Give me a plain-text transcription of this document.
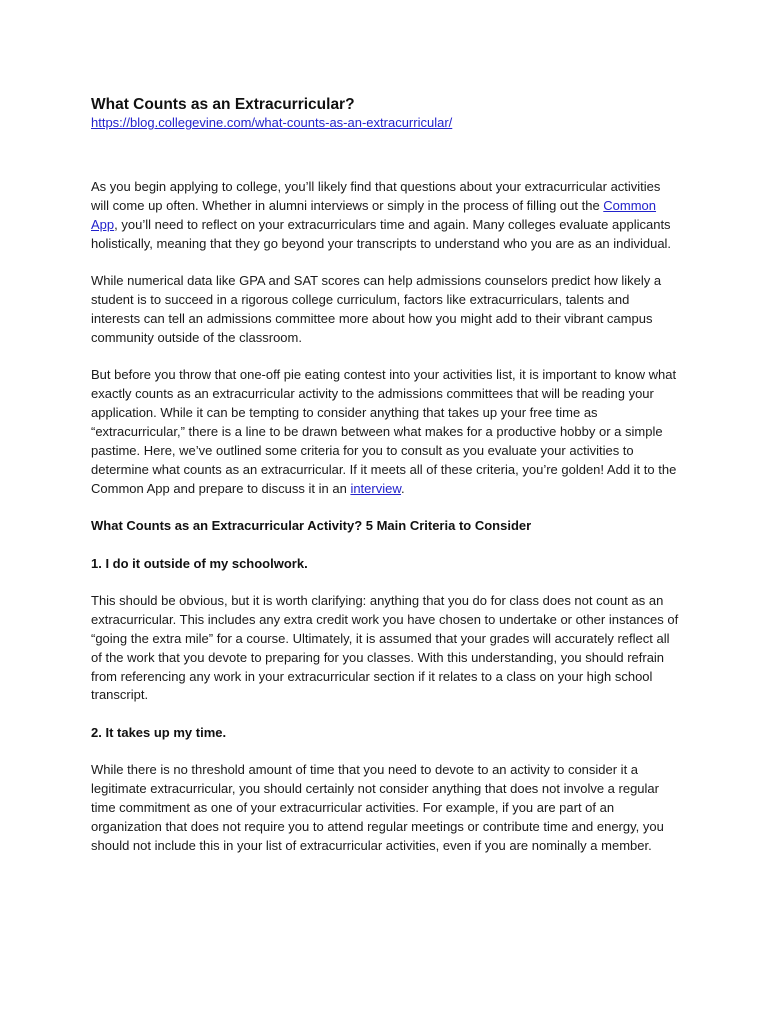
What Counts as an Extracurricular?
https://blog.collegevine.com/what-counts-as-an-extracurricular/

As you begin applying to college, you’ll likely find that questions about your extracurricular activities will come up often. Whether in alumni interviews or simply in the process of filling out the Common App, you’ll need to reflect on your extracurriculars time and again. Many colleges evaluate applicants holistically, meaning that they go beyond your transcripts to understand who you are as an individual.

While numerical data like GPA and SAT scores can help admissions counselors predict how likely a student is to succeed in a rigorous college curriculum, factors like extracurriculars, talents and interests can tell an admissions committee more about how you might add to their vibrant campus community outside of the classroom.

But before you throw that one-off pie eating contest into your activities list, it is important to know what exactly counts as an extracurricular activity to the admissions committees that will be reading your application. While it can be tempting to consider anything that takes up your free time as “extracurricular,” there is a line to be drawn between what makes for a productive hobby or a simple pastime. Here, we’ve outlined some criteria for you to consult as you evaluate your activities to determine what counts as an extracurricular. If it meets all of these criteria, you’re golden! Add it to the Common App and prepare to discuss it in an interview.

What Counts as an Extracurricular Activity? 5 Main Criteria to Consider

1. I do it outside of my schoolwork.

This should be obvious, but it is worth clarifying: anything that you do for class does not count as an extracurricular. This includes any extra credit work you have chosen to undertake or other instances of “going the extra mile” for a course. Ultimately, it is assumed that your grades will accurately reflect all of the work that you devote to preparing for you classes. With this understanding, you should refrain from referencing any work in your extracurricular section if it relates to a class on your high school transcript.

2. It takes up my time.

While there is no threshold amount of time that you need to devote to an activity to consider it a legitimate extracurricular, you should certainly not consider anything that does not involve a regular time commitment as one of your extracurricular activities. For example, if you are part of an organization that does not require you to attend regular meetings or contribute time and energy, you should not include this in your list of extracurricular activities, even if you are nominally a member.
